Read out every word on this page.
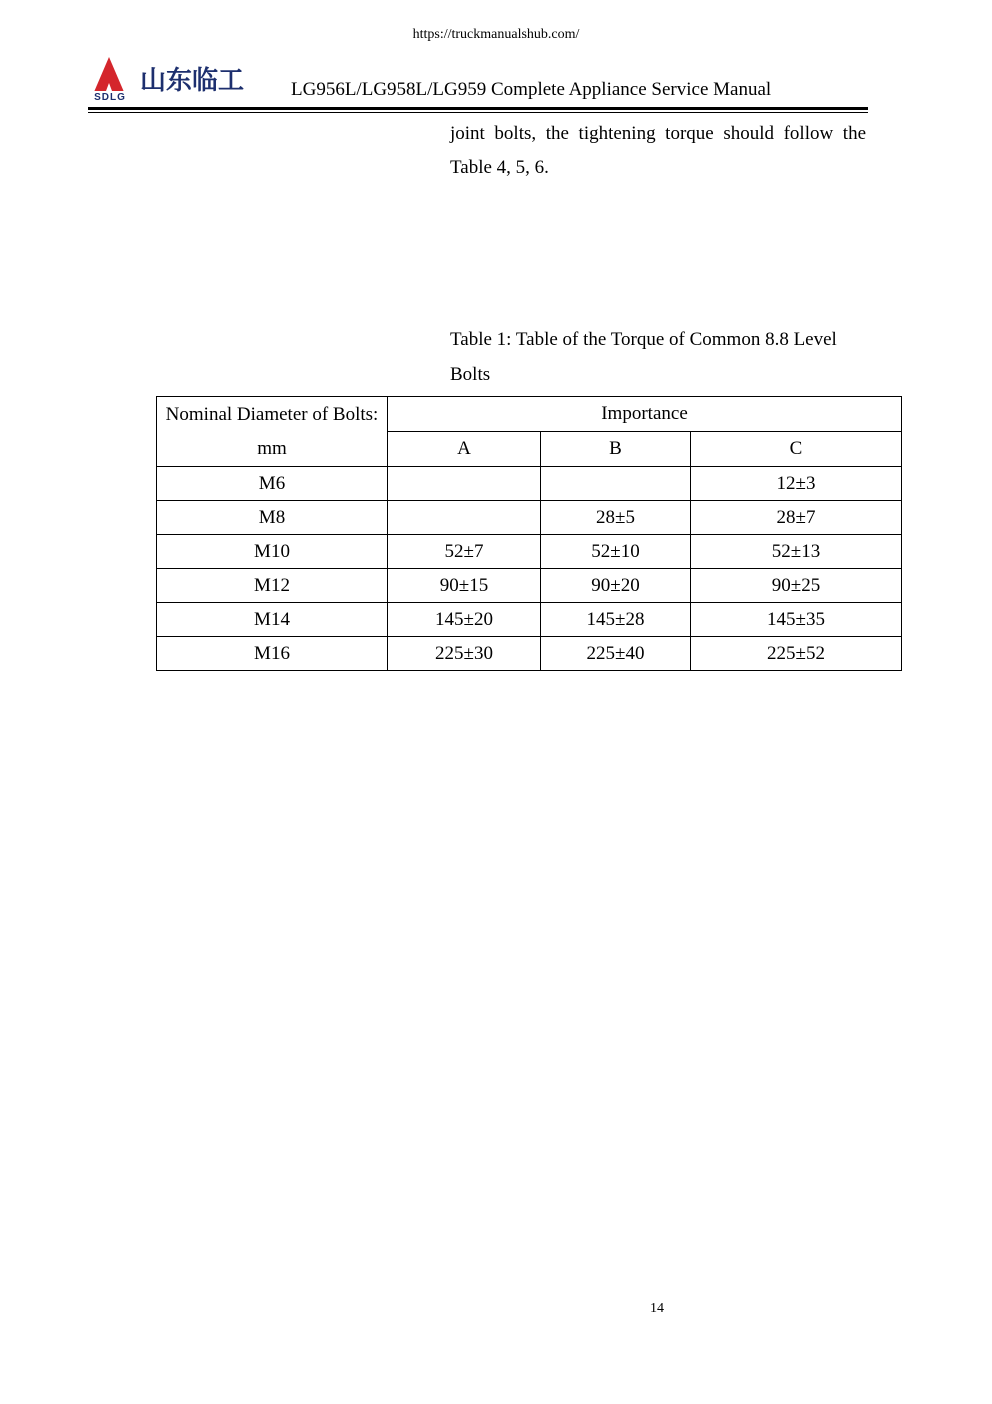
https://truckmanualshub.com/
SDLG
山东临工 LG956L/LG958L/LG959 Complete Appliance Service Manual
joint bolts, the tightening torque should follow the Table 4, 5, 6.
Table 1: Table of the Torque of Common 8.8 Level Bolts
Nominal Diameter of Bolts: mm	Importance		
	A	B	C
M6			12±3
M8		28±5	28±7
M10	52±7	52±10	52±13
M12	90±15	90±20	90±25
M14	145±20	145±28	145±35
M16	225±30	225±40	225±52
14
